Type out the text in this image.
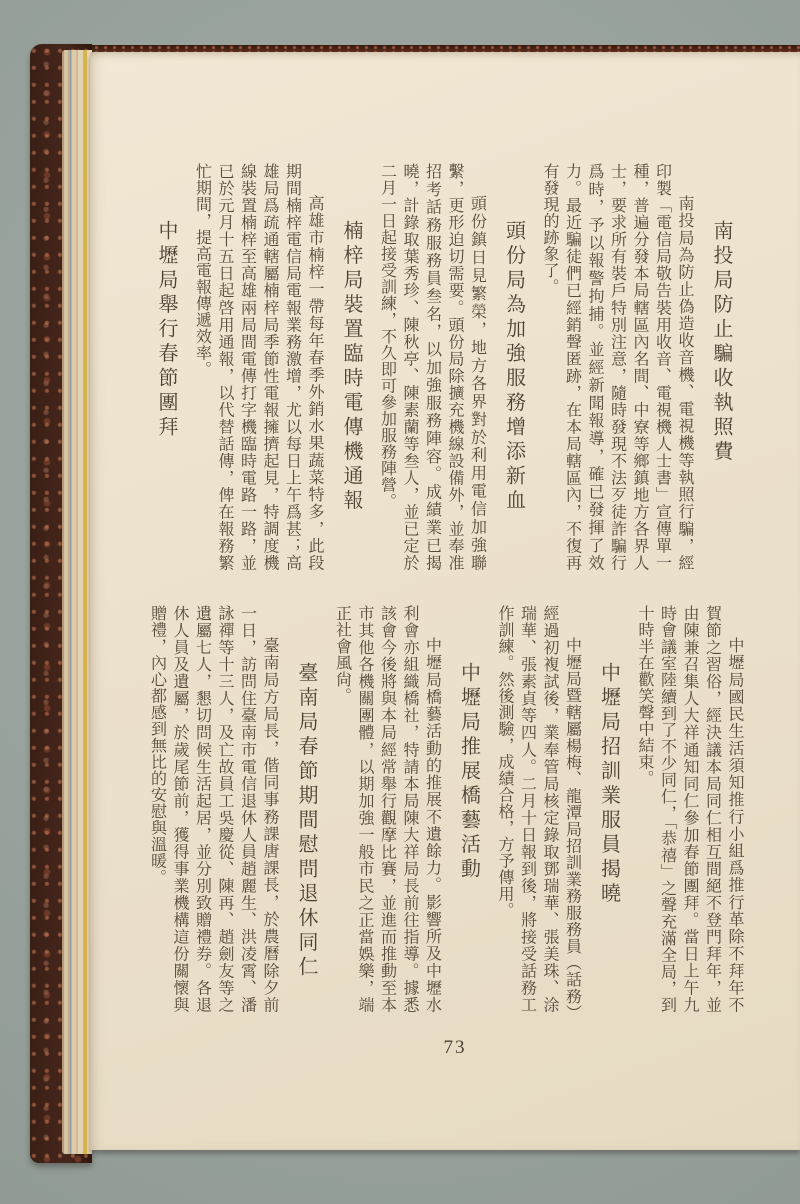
南投局防止騙收執照費

南投局為防止偽造收音機、電視機等執照行騙，經印製「電信局敬告裝用收音、電視機人士書」宣傳單一種，普遍分發本局轄區內名間、中寮等鄉鎮地方各界人士，要求所有裝戶特別注意，隨時發現不法歹徒詐騙行爲時，予以報警拘捕。並經新聞報導，確已發揮了效力。最近騙徒們已經銷聲匿跡，在本局轄區內，不復再有發現的跡象了。

頭份局為加強服務增添新血

頭份鎮日見繁榮，地方各界對於利用電信加強聯繫，更形迫切需要。頭份局除擴充機線設備外，並奉准招考話務服務員叁名，以加強服務陣容。成績業已揭曉，計錄取葉秀珍、陳秋亭、陳素蘭等叁人，並已定於二月一日起接受訓練，不久即可參加服務陣營。

楠梓局裝置臨時電傳機通報

高雄市楠梓一帶每年春季外銷水果蔬菜特多，此段期間楠梓電信局電報業務激增，尤以每日上午爲甚；高雄局爲疏通轄屬楠梓局季節性電報擁擠起見，特調度機線裝置楠梓至高雄兩局間電傳打字機臨時電路一路，並已於元月十五日起啓用通報，以代替話傳，俾在報務繁忙期間，提高電報傳遞效率。

中壢局舉行春節團拜

中壢局國民生活須知推行小組爲推行革除不拜年不賀節之習俗，經決議本局同仁相互間絕不登門拜年，並由陳兼召集人大祥通知同仁參加春節團拜。當日上午九時會議室陸續到了不少同仁，「恭禧」之聲充滿全局，到十時半在歡笑聲中結束。

中壢局招訓業服員揭曉

中壢局暨轄屬楊梅、龍潭局招訓業務服務員（話務）經過初複試後，業奉管局核定錄取鄧瑞華、張美珠、涂瑞華、張素貞等四人。二月十日報到後，將接受話務工作訓練。然後測驗，成績合格，方予傳用。

中壢局推展橋藝活動

中壢局橋藝活動的推展不遺餘力。影響所及中壢水利會亦組織橋社，特請本局陳大祥局長前往指導。據悉該會今後將與本局經常舉行觀摩比賽，並進而推動至本市其他各機關團體，以期加強一般市民之正當娛樂，端正社會風尙。

臺南局春節期間慰問退休同仁

臺南局方局長，偕同事務課唐課長，於農曆除夕前一日，訪問住臺南市電信退休人員趙麗生、洪凌霄、潘詠禪等十三人，及亡故員工吳慶從、陳再、趙劍友等之遺屬七人，懇切問候生活起居，並分別致贈禮券。各退休人員及遺屬，於歲尾節前，獲得事業機構這份關懷與贈禮，內心都感到無比的安慰與溫暖。

73
